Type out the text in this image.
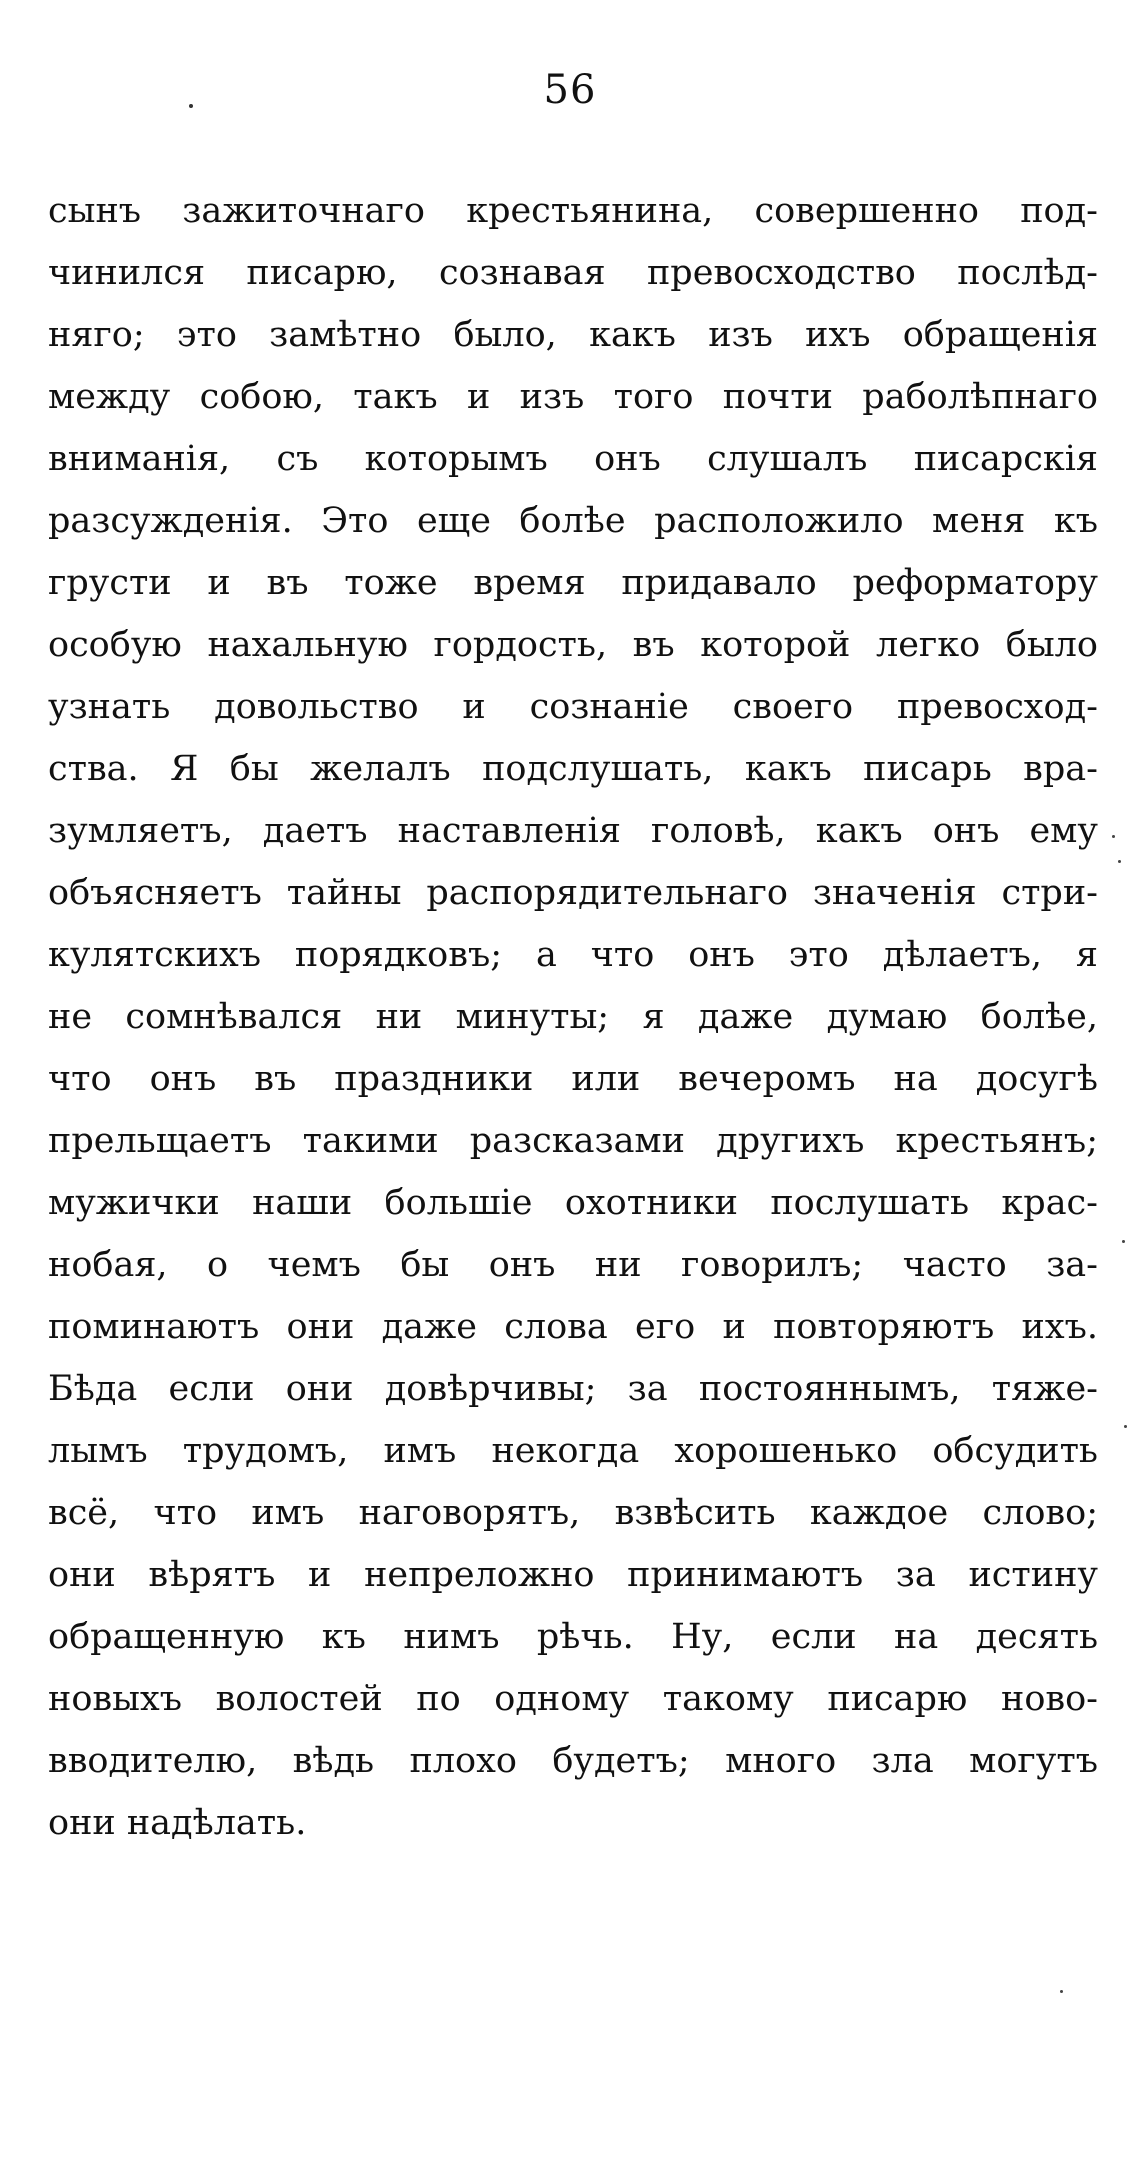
56
сынъ зажиточнаго крестьянина, совершенно под-
чинился писарю, сознавая превосходство послѣд-
няго; это замѣтно было, какъ изъ ихъ обращенія
между собою, такъ и изъ того почти раболѣпнаго
вниманія, съ которымъ онъ слушалъ писарскія
разсужденія. Это еще болѣе расположило меня къ
грусти и въ тоже время придавало реформатору
особую нахальную гордость, въ которой легко было
узнать довольство и сознаніе своего превосход-
ства. Я бы желалъ подслушать, какъ писарь вра-
зумляетъ, даетъ наставленія головѣ, какъ онъ ему
объясняетъ тайны распорядительнаго значенія стри-
кулятскихъ порядковъ; а что онъ это дѣлаетъ, я
не сомнѣвался ни минуты; я даже думаю болѣе,
что онъ въ праздники или вечеромъ на досугѣ
прельщаетъ такими разсказами другихъ крестьянъ;
мужички наши большіе охотники послушать крас-
нобая, о чемъ бы онъ ни говорилъ; часто за-
поминаютъ они даже слова его и повторяютъ ихъ.
Бѣда если они довѣрчивы; за постояннымъ, тяже-
лымъ трудомъ, имъ некогда хорошенько обсудить
всё, что имъ наговорятъ, взвѣсить каждое слово;
они вѣрятъ и непреложно принимаютъ за истину
обращенную къ нимъ рѣчь. Ну, если на десять
новыхъ волостей по одному такому писарю ново-
вводителю, вѣдь плохо будетъ; много зла могутъ
они надѣлать.
